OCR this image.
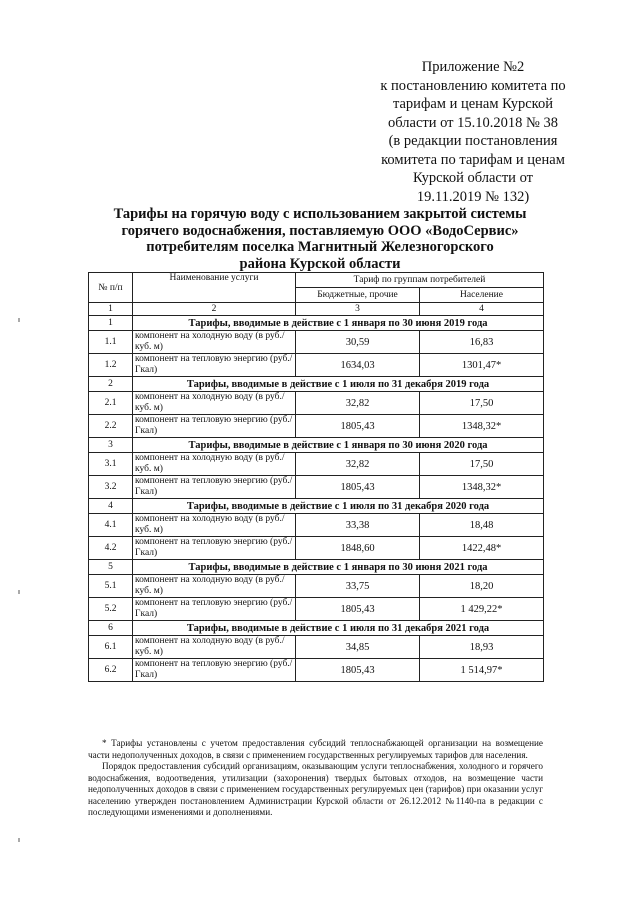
Приложение №2
к постановлению комитета по
тарифам и ценам Курской
области от 15.10.2018 № 38
(в редакции постановления
комитета по тарифам и ценам
Курской области от
19.11.2019 № 132)
Тарифы на горячую воду с использованием закрытой системы
горячего водоснабжения, поставляемую ООО «ВодоСервис»
потребителям поселка Магнитный Железногорского
района Курской области
№ п/п	Наименование услуги	Тариф по группам потребителей	
		Бюджетные, прочие	Население
1	2	3	4
1	Тарифы, вводимые в действие с 1 января по 30 июня 2019 года		
1.1	компонент на холодную воду (в руб./куб. м)	30,59	16,83
1.2	компонент на тепловую энергию (руб./Гкал)	1634,03	1301,47*
2	Тарифы, вводимые в действие с 1 июля по 31 декабря 2019 года		
2.1	компонент на холодную воду (в руб./куб. м)	32,82	17,50
2.2	компонент на тепловую энергию (руб./Гкал)	1805,43	1348,32*
3	Тарифы, вводимые в действие с 1 января по 30 июня 2020 года		
3.1	компонент на холодную воду (в руб./куб. м)	32,82	17,50
3.2	компонент на тепловую энергию (руб./Гкал)	1805,43	1348,32*
4	Тарифы, вводимые в действие с 1 июля по 31 декабря 2020 года		
4.1	компонент на холодную воду (в руб./куб. м)	33,38	18,48
4.2	компонент на тепловую энергию (руб./Гкал)	1848,60	1422,48*
5	Тарифы, вводимые в действие с 1 января по 30 июня 2021 года		
5.1	компонент на холодную воду (в руб./куб. м)	33,75	18,20
5.2	компонент на тепловую энергию (руб./Гкал)	1805,43	1 429,22*
6	Тарифы, вводимые в действие с 1 июля по 31 декабря 2021 года		
6.1	компонент на холодную воду (в руб./куб. м)	34,85	18,93
6.2	компонент на тепловую энергию (руб./Гкал)	1805,43	1 514,97*

* Тарифы установлены с учетом предоставления субсидий теплоснабжающей организации на возмещение части недополученных доходов, в связи с применением государственных регулируемых тарифов для населения.

Порядок предоставления субсидий организациям, оказывающим услуги теплоснабжения, холодного и горячего водоснабжения, водоотведения, утилизации (захоронения) твердых бытовых отходов, на возмещение части недополученных доходов в связи с применением государственных регулируемых цен (тарифов) при оказании услуг населению утвержден постановлением Администрации Курской области от 26.12.2012 №1140-па в редакции с последующими изменениями и дополнениями.
